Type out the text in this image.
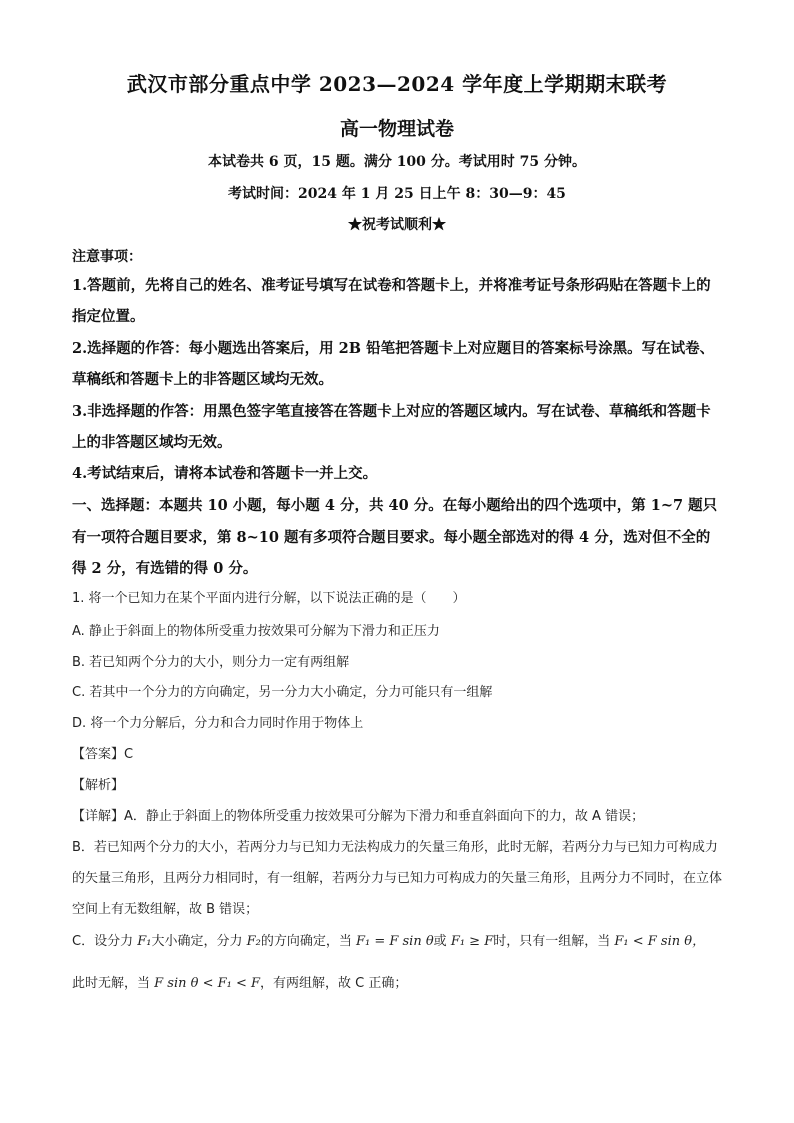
武汉市部分重点中学 2023—2024 学年度上学期期末联考
高一物理试卷
本试卷共 6 页，15 题。满分 100 分。考试用时 75 分钟。
考试时间：2024 年 1 月 25 日上午 8：30—9：45
★祝考试顺利★
注意事项：
1.答题前，先将自己的姓名、准考证号填写在试卷和答题卡上，并将准考证号条形码贴在答题卡上的指定位置。
2.选择题的作答：每小题选出答案后，用 2B 铅笔把答题卡上对应题目的答案标号涂黑。写在试卷、草稿纸和答题卡上的非答题区域均无效。
3.非选择题的作答：用黑色签字笔直接答在答题卡上对应的答题区域内。写在试卷、草稿纸和答题卡上的非答题区域均无效。
4.考试结束后，请将本试卷和答题卡一并上交。
一、选择题：本题共 10 小题，每小题 4 分，共 40 分。在每小题给出的四个选项中，第 1~7 题只有一项符合题目要求，第 8~10 题有多项符合题目要求。每小题全部选对的得 4 分，选对但不全的得 2 分，有选错的得 0 分。
1. 将一个已知力在某个平面内进行分解，以下说法正确的是（　　）
A. 静止于斜面上的物体所受重力按效果可分解为下滑力和正压力
B. 若已知两个分力的大小，则分力一定有两组解
C. 若其中一个分力的方向确定，另一分力大小确定，分力可能只有一组解
D. 将一个力分解后，分力和合力同时作用于物体上
【答案】C
【解析】
【详解】A．静止于斜面上的物体所受重力按效果可分解为下滑力和垂直斜面向下的力，故 A 错误；
B．若已知两个分力的大小，若两分力与已知力无法构成力的矢量三角形，此时无解，若两分力与已知力可构成力的矢量三角形，且两分力相同时，有一组解，若两分力与已知力可构成力的矢量三角形，且两分力不同时，在立体空间上有无数组解，故 B 错误；
C．设分力 F₁大小确定，分力 F₂的方向确定，当 F₁ = F sin θ或 F₁ ≥ F时，只有一组解，当 F₁ < F sin θ，
此时无解，当 F sin θ < F₁ < F，有两组解，故 C 正确；
